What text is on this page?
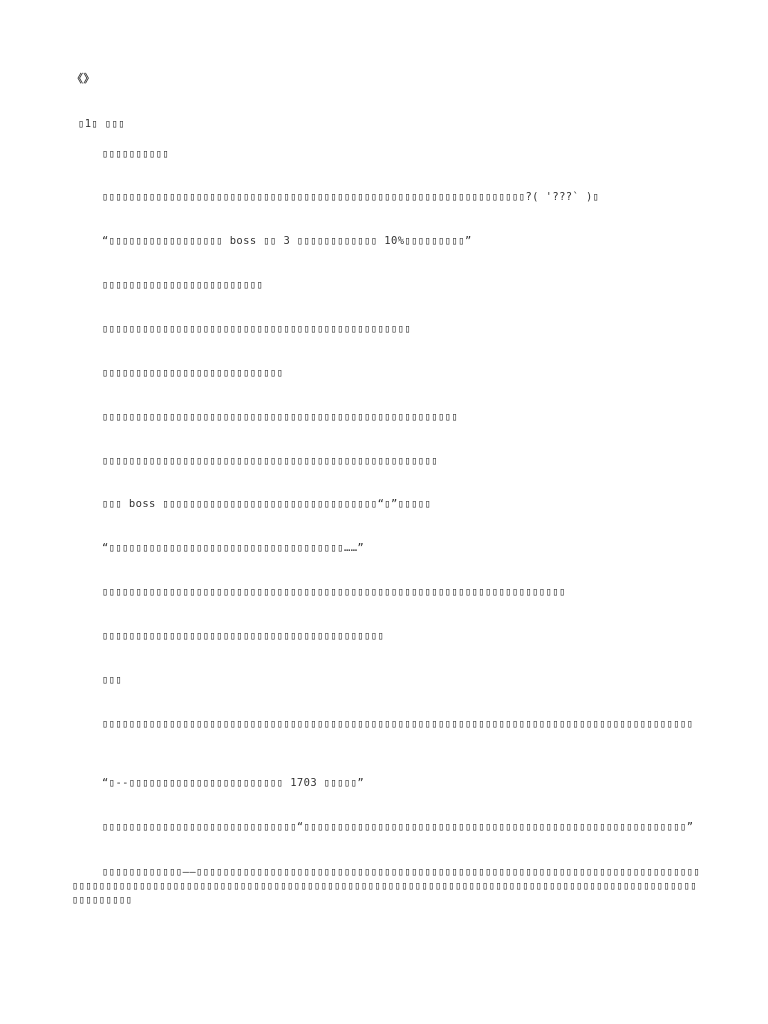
《》
▯1▯ ▯▯▯
▯▯▯▯▯▯▯▯▯▯
▯▯▯▯▯▯▯▯▯▯▯▯▯▯▯▯▯▯▯▯▯▯▯▯▯▯▯▯▯▯▯▯▯▯▯▯▯▯▯▯▯▯▯▯▯▯▯▯▯▯▯▯▯▯▯▯▯▯▯▯▯▯▯?( '???` )▯
“▯▯▯▯▯▯▯▯▯▯▯▯▯▯▯▯▯ boss ▯▯ 3 ▯▯▯▯▯▯▯▯▯▯▯▯ 10%▯▯▯▯▯▯▯▯▯”
▯▯▯▯▯▯▯▯▯▯▯▯▯▯▯▯▯▯▯▯▯▯▯▯
▯▯▯▯▯▯▯▯▯▯▯▯▯▯▯▯▯▯▯▯▯▯▯▯▯▯▯▯▯▯▯▯▯▯▯▯▯▯▯▯▯▯▯▯▯▯
▯▯▯▯▯▯▯▯▯▯▯▯▯▯▯▯▯▯▯▯▯▯▯▯▯▯▯
▯▯▯▯▯▯▯▯▯▯▯▯▯▯▯▯▯▯▯▯▯▯▯▯▯▯▯▯▯▯▯▯▯▯▯▯▯▯▯▯▯▯▯▯▯▯▯▯▯▯▯▯▯
▯▯▯▯▯▯▯▯▯▯▯▯▯▯▯▯▯▯▯▯▯▯▯▯▯▯▯▯▯▯▯▯▯▯▯▯▯▯▯▯▯▯▯▯▯▯▯▯▯▯
▯▯▯ boss ▯▯▯▯▯▯▯▯▯▯▯▯▯▯▯▯▯▯▯▯▯▯▯▯▯▯▯▯▯▯▯▯“▯”▯▯▯▯▯
“▯▯▯▯▯▯▯▯▯▯▯▯▯▯▯▯▯▯▯▯▯▯▯▯▯▯▯▯▯▯▯▯▯▯▯……”
▯▯▯▯▯▯▯▯▯▯▯▯▯▯▯▯▯▯▯▯▯▯▯▯▯▯▯▯▯▯▯▯▯▯▯▯▯▯▯▯▯▯▯▯▯▯▯▯▯▯▯▯▯▯▯▯▯▯▯▯▯▯▯▯▯▯▯▯▯
▯▯▯▯▯▯▯▯▯▯▯▯▯▯▯▯▯▯▯▯▯▯▯▯▯▯▯▯▯▯▯▯▯▯▯▯▯▯▯▯▯▯
▯▯▯
▯▯▯▯▯▯▯▯▯▯▯▯▯▯▯▯▯▯▯▯▯▯▯▯▯▯▯▯▯▯▯▯▯▯▯▯▯▯▯▯▯▯▯▯▯▯▯▯▯▯▯▯▯▯▯▯▯▯▯▯▯▯▯▯▯▯▯▯▯▯▯▯▯▯▯▯▯▯▯▯▯▯▯▯▯▯▯▯
“▯--▯▯▯▯▯▯▯▯▯▯▯▯▯▯▯▯▯▯▯▯▯▯▯ 1703 ▯▯▯▯▯”
▯▯▯▯▯▯▯▯▯▯▯▯▯▯▯▯▯▯▯▯▯▯▯▯▯▯▯▯▯“▯▯▯▯▯▯▯▯▯▯▯▯▯▯▯▯▯▯▯▯▯▯▯▯▯▯▯▯▯▯▯▯▯▯▯▯▯▯▯▯▯▯▯▯▯▯▯▯▯▯▯▯▯▯▯▯▯”
▯▯▯▯▯▯▯▯▯▯▯▯——▯▯▯▯▯▯▯▯▯▯▯▯▯▯▯▯▯▯▯▯▯▯▯▯▯▯▯▯▯▯▯▯▯▯▯▯▯▯▯▯▯▯▯▯▯▯▯▯▯▯▯▯▯▯▯▯▯▯▯▯▯▯▯▯▯▯▯▯▯▯▯▯▯▯▯▯▯▯▯▯▯▯▯▯▯▯▯▯▯▯▯▯▯▯▯▯▯▯▯▯▯▯▯▯▯▯▯▯▯▯▯▯▯▯▯▯▯▯▯▯▯▯▯▯▯▯▯▯▯▯▯▯▯▯▯▯▯▯▯▯▯▯▯▯▯▯▯▯▯▯▯▯▯▯▯▯▯▯▯▯▯▯▯▯▯▯▯▯▯▯▯▯▯▯▯▯▯
